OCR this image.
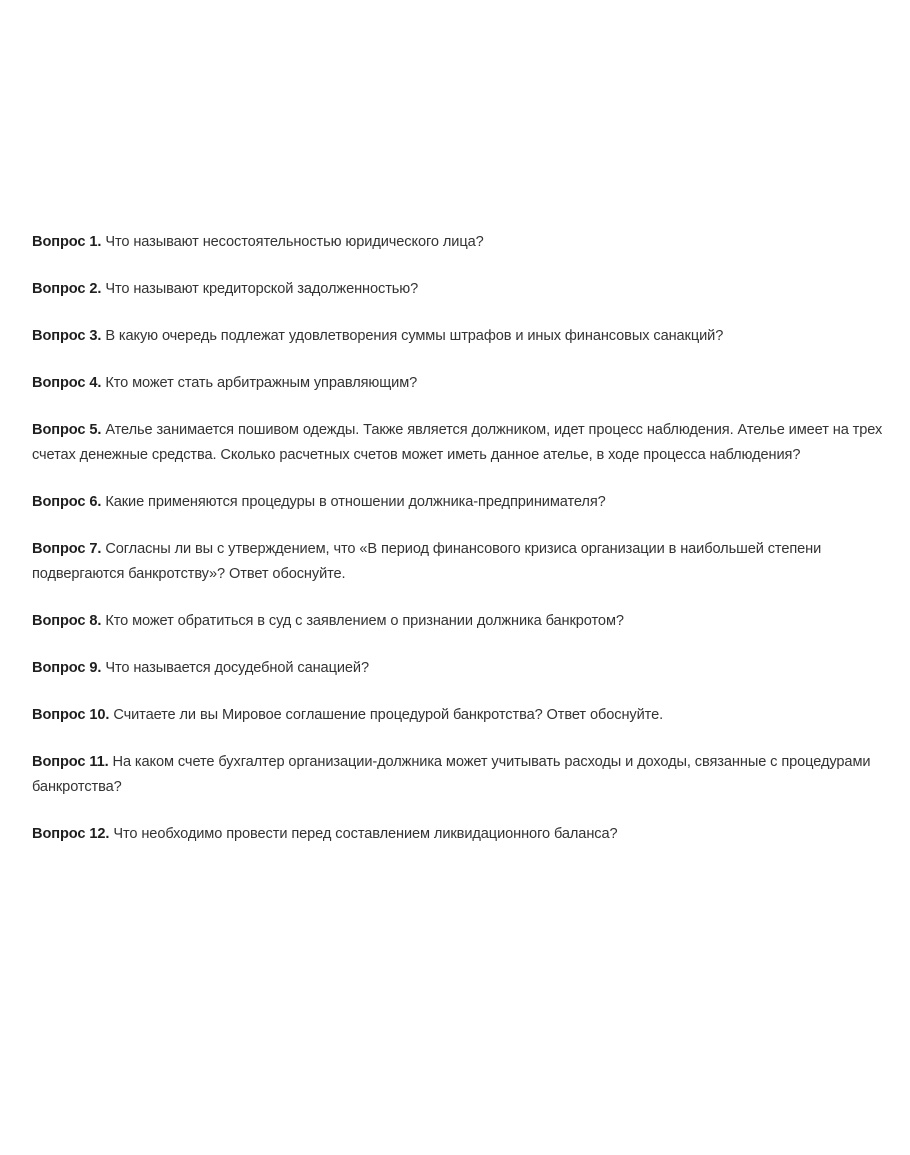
Вопрос 1. Что называют несостоятельностью юридического лица?

Вопрос 2. Что называют кредиторской задолженностью?

Вопрос 3. В какую очередь подлежат удовлетворения суммы штрафов и иных финансовых санакций?

Вопрос 4. Кто может стать арбитражным управляющим?

Вопрос 5. Ателье занимается пошивом одежды. Также является должником, идет процесс наблюдения. Ателье имеет на трех счетах денежные средства. Сколько расчетных счетов может иметь данное ателье, в ходе процесса наблюдения?

Вопрос 6. Какие применяются процедуры в отношении должника-предпринимателя?

Вопрос 7. Согласны ли вы с утверждением, что «В период финансового кризиса организации в наибольшей степени подвергаются банкротству»? Ответ обоснуйте.

Вопрос 8. Кто может обратиться в суд с заявлением о признании должника банкротом?

Вопрос 9. Что называется досудебной санацией?

Вопрос 10. Считаете ли вы Мировое соглашение процедурой банкротства? Ответ обоснуйте.

Вопрос 11. На каком счете бухгалтер организации-должника может учитывать расходы и доходы, связанные с процедурами банкротства?

Вопрос 12. Что необходимо провести перед составлением ликвидационного баланса?
